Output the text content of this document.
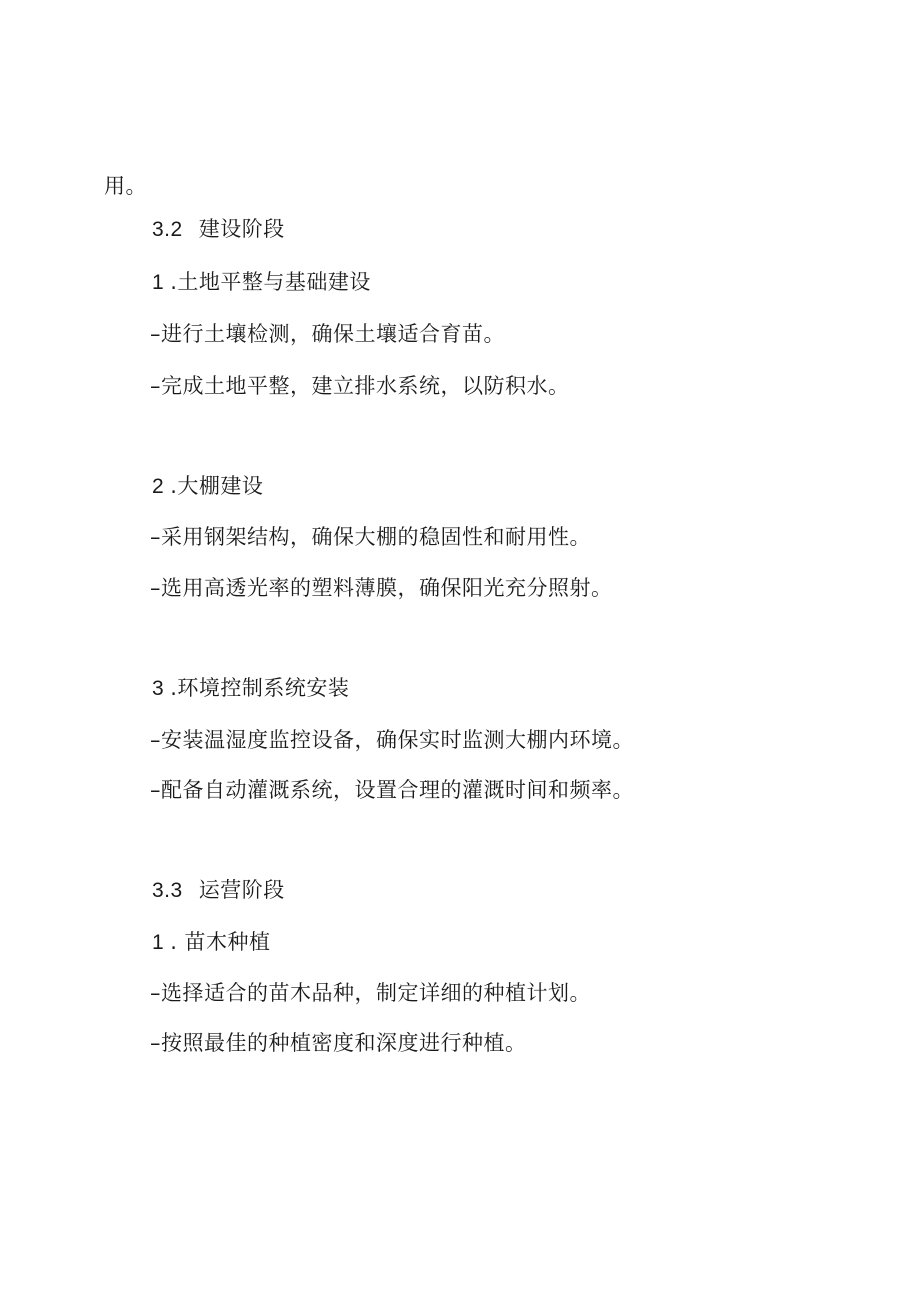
用。
3.2 建设阶段
1 .土地平整与基础建设
–进行土壤检测，确保土壤适合育苗。
–完成土地平整，建立排水系统，以防积水。
2 .大棚建设
–采用钢架结构，确保大棚的稳固性和耐用性。
–选用高透光率的塑料薄膜，确保阳光充分照射。
3 .环境控制系统安装
–安装温湿度监控设备，确保实时监测大棚内环境。
–配备自动灌溉系统，设置合理的灌溉时间和频率。
3.3 运营阶段
1 . 苗木种植
–选择适合的苗木品种，制定详细的种植计划。
–按照最佳的种植密度和深度进行种植。
